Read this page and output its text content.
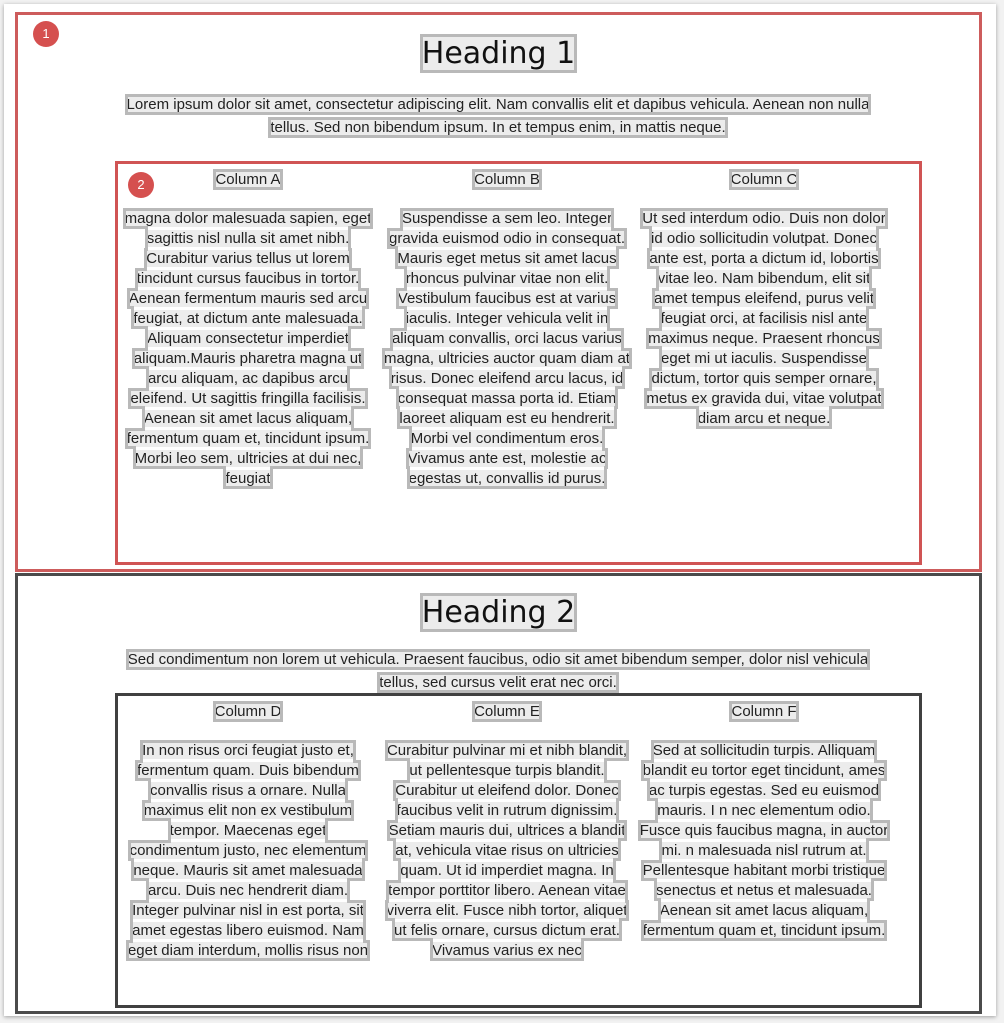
1
Heading 1

Lorem ipsum dolor sit amet, consectetur adipiscing elit. Nam convallis elit et dapibus vehicula. Aenean non nulla tellus. Sed non bibendum ipsum. In et tempus enim, in mattis neque.

2	Column A

magna dolor malesuada sapien, eget sagittis nisl nulla sit amet nibh. Curabitur varius tellus ut lorem tincidunt cursus faucibus in tortor. Aenean fermentum mauris sed arcu feugiat, at dictum ante malesuada. Aliquam consectetur imperdiet aliquam.Mauris pharetra magna ut arcu aliquam, ac dapibus arcu eleifend. Ut sagittis fringilla facilisis. Aenean sit amet lacus aliquam, fermentum quam et, tincidunt ipsum. Morbi leo sem, ultricies at dui nec, feugiat

Column B

Suspendisse a sem leo. Integer gravida euismod odio in consequat. Mauris eget metus sit amet lacus rhoncus pulvinar vitae non elit. Vestibulum faucibus est at varius iaculis. Integer vehicula velit in aliquam convallis, orci lacus varius magna, ultricies auctor quam diam at risus. Donec eleifend arcu lacus, id consequat massa porta id. Etiam laoreet aliquam est eu hendrerit. Morbi vel condimentum eros. Vivamus ante est, molestie ac egestas ut, convallis id purus.

Column C

Ut sed interdum odio. Duis non dolor id odio sollicitudin volutpat. Donec ante est, porta a dictum id, lobortis vitae leo. Nam bibendum, elit sit amet tempus eleifend, purus velit feugiat orci, at facilisis nisl ante maximus neque. Praesent rhoncus eget mi ut iaculis. Suspendisse dictum, tortor quis semper ornare, metus ex gravida dui, vitae volutpat diam arcu et neque.

Heading 2

Sed condimentum non lorem ut vehicula. Praesent faucibus, odio sit amet bibendum semper, dolor nisl vehicula tellus, sed cursus velit erat nec orci.

Column D

In non risus orci feugiat justo et, fermentum quam. Duis bibendum convallis risus a ornare. Nulla maximus elit non ex vestibulum tempor. Maecenas eget condimentum justo, nec elementum neque. Mauris sit amet malesuada arcu. Duis nec hendrerit diam. Integer pulvinar nisl in est porta, sit amet egestas libero euismod. Nam eget diam interdum, mollis risus non

Column E

Curabitur pulvinar mi et nibh blandit, ut pellentesque turpis blandit. Curabitur ut eleifend dolor. Donec faucibus velit in rutrum dignissim. Setiam mauris dui, ultrices a blandit at, vehicula vitae risus on ultricies quam. Ut id imperdiet magna. In tempor porttitor libero. Aenean vitae viverra elit. Fusce nibh tortor, aliquet ut felis ornare, cursus dictum erat. Vivamus varius ex nec

Column F

Sed at sollicitudin turpis. Alliquam blandit eu tortor eget tincidunt, ames ac turpis egestas. Sed eu euismod mauris. I n nec elementum odio. Fusce quis faucibus magna, in auctor mi. n malesuada nisl rutrum at. Pellentesque habitant morbi tristique senectus et netus et malesuada. Aenean sit amet lacus aliquam, fermentum quam et, tincidunt ipsum.
